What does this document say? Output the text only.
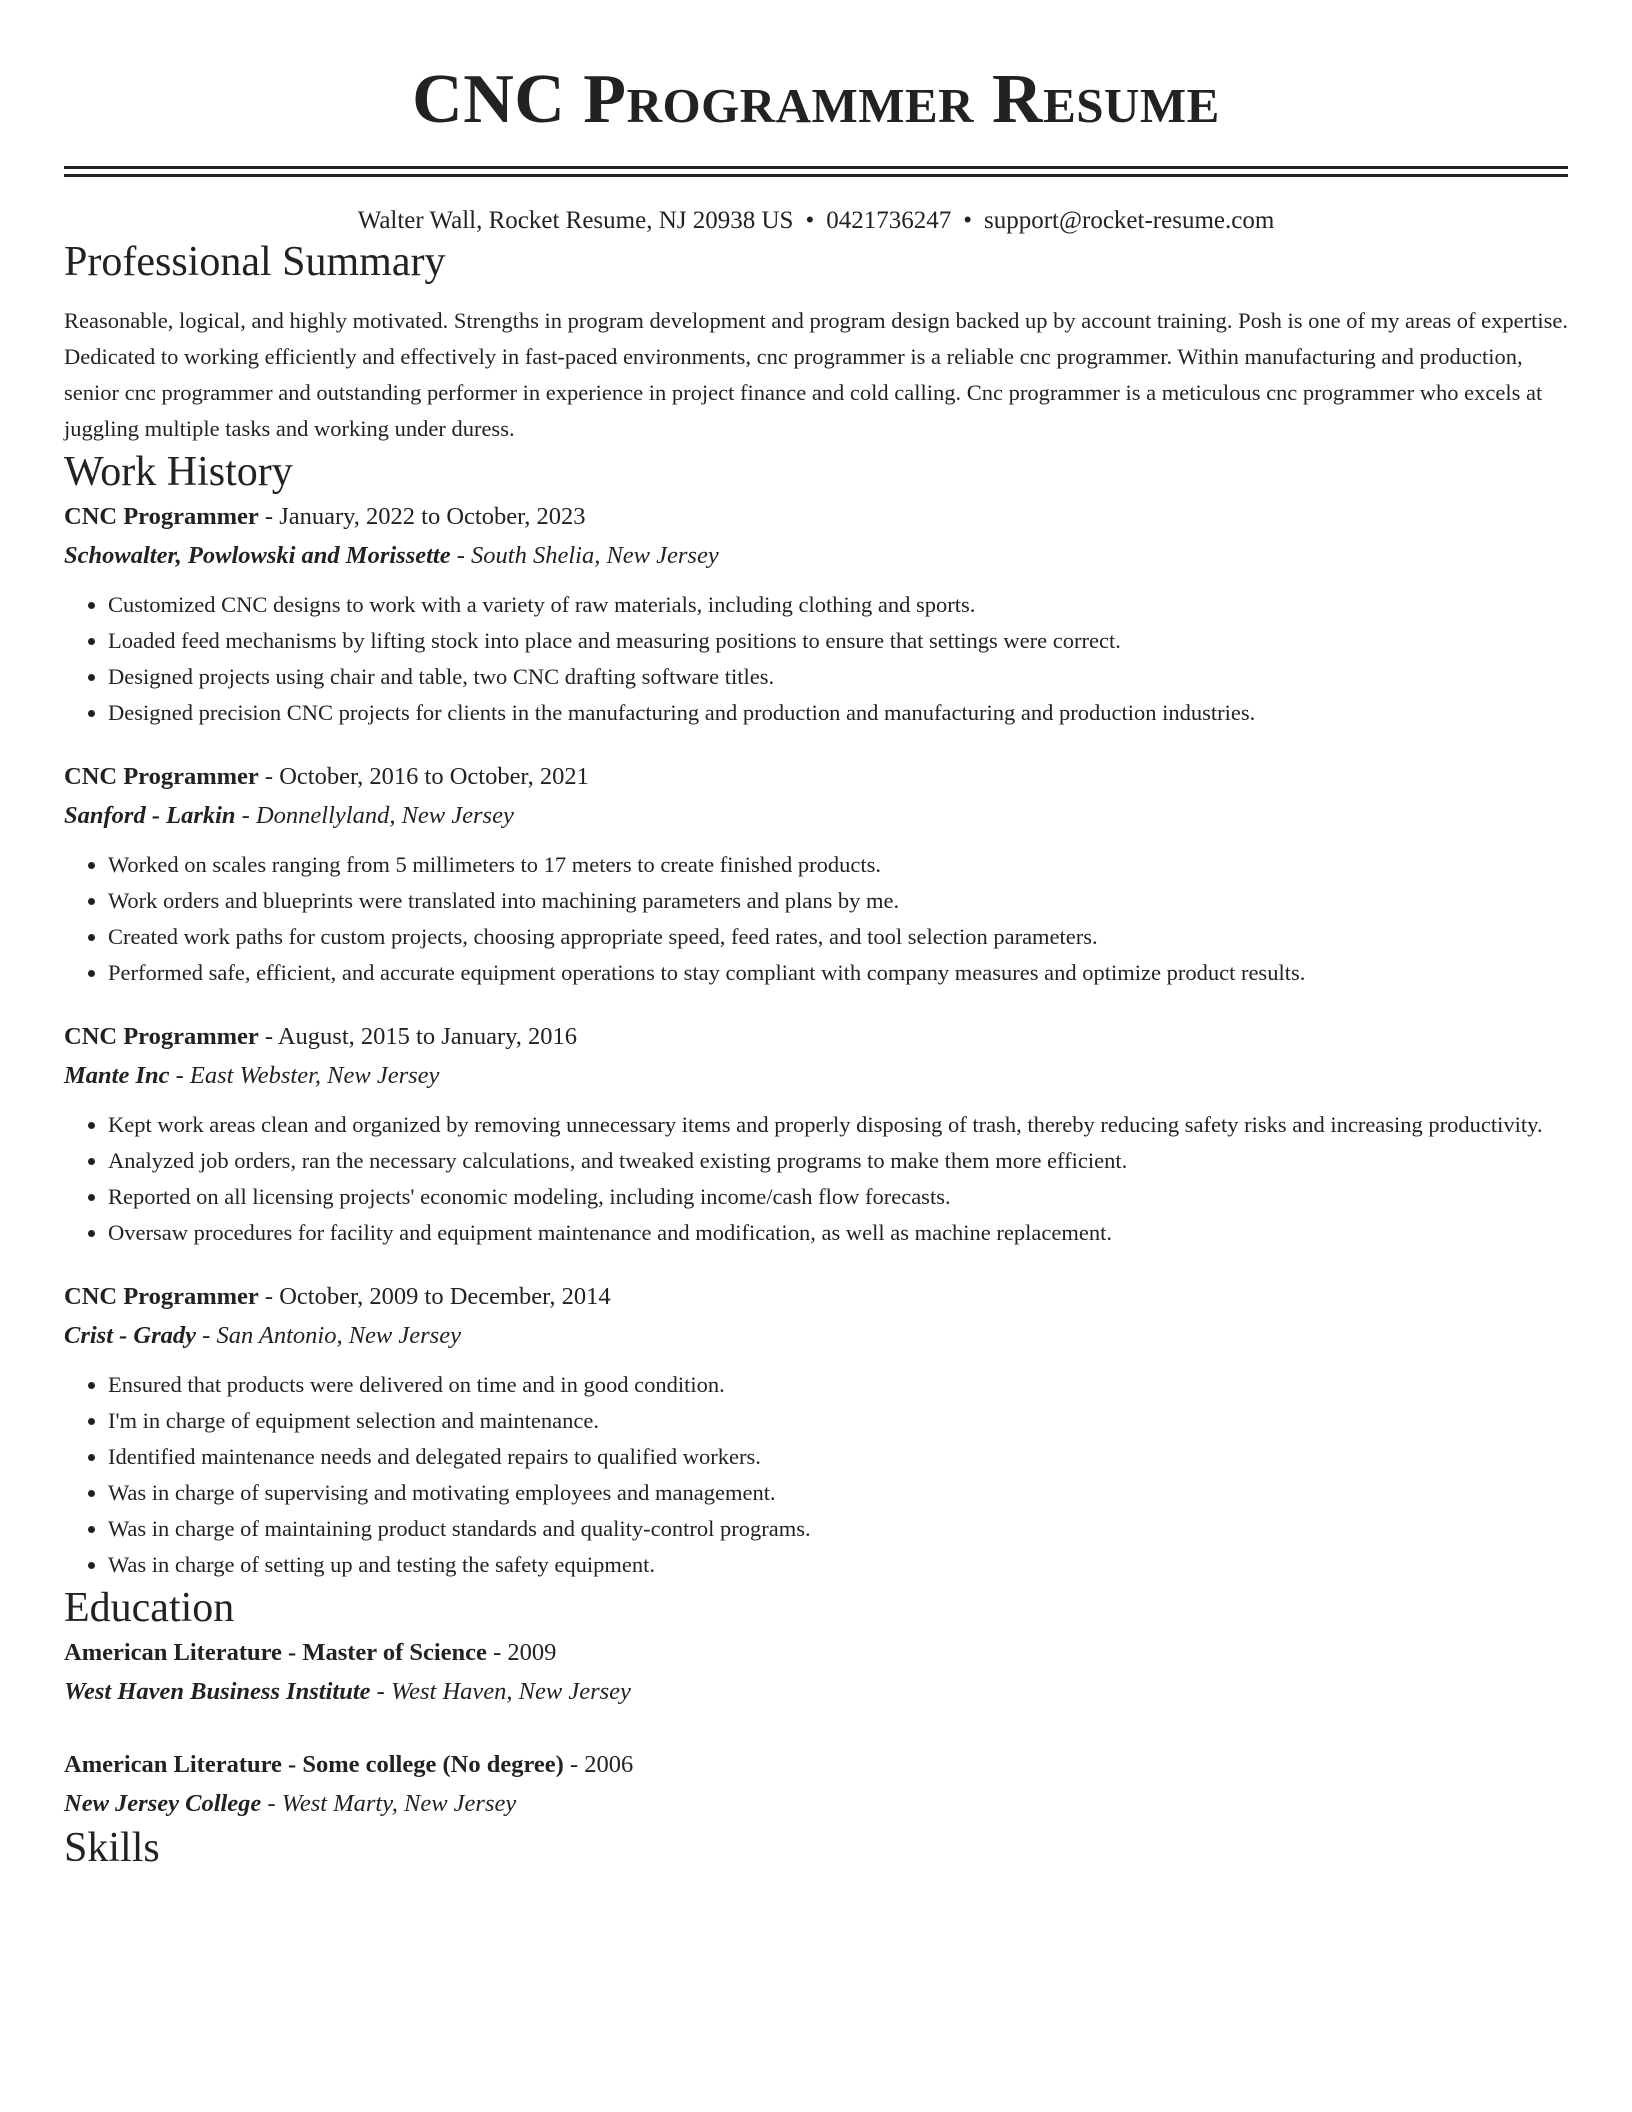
CNC Programmer Resume
Walter Wall, Rocket Resume, NJ 20938 US • 0421736247 • support@rocket-resume.com
Professional Summary

Reasonable, logical, and highly motivated. Strengths in program development and program design backed up by account training. Posh is one of my areas of expertise. Dedicated to working efficiently and effectively in fast-paced environments, cnc programmer is a reliable cnc programmer. Within manufacturing and production, senior cnc programmer and outstanding performer in experience in project finance and cold calling. Cnc programmer is a meticulous cnc programmer who excels at juggling multiple tasks and working under duress.

Work History
CNC Programmer - January, 2022 to October, 2023
Schowalter, Powlowski and Morissette - South Shelia, New Jersey
• Customized CNC designs to work with a variety of raw materials, including clothing and sports.
• Loaded feed mechanisms by lifting stock into place and measuring positions to ensure that settings were correct.
• Designed projects using chair and table, two CNC drafting software titles.
• Designed precision CNC projects for clients in the manufacturing and production and manufacturing and production industries.
CNC Programmer - October, 2016 to October, 2021
Sanford - Larkin - Donnellyland, New Jersey
• Worked on scales ranging from 5 millimeters to 17 meters to create finished products.
• Work orders and blueprints were translated into machining parameters and plans by me.
• Created work paths for custom projects, choosing appropriate speed, feed rates, and tool selection parameters.
• Performed safe, efficient, and accurate equipment operations to stay compliant with company measures and optimize product results.
CNC Programmer - August, 2015 to January, 2016
Mante Inc - East Webster, New Jersey
• Kept work areas clean and organized by removing unnecessary items and properly disposing of trash, thereby reducing safety risks and increasing productivity.
• Analyzed job orders, ran the necessary calculations, and tweaked existing programs to make them more efficient.
• Reported on all licensing projects' economic modeling, including income/cash flow forecasts.
• Oversaw procedures for facility and equipment maintenance and modification, as well as machine replacement.
CNC Programmer - October, 2009 to December, 2014
Crist - Grady - San Antonio, New Jersey
• Ensured that products were delivered on time and in good condition.
• I'm in charge of equipment selection and maintenance.
• Identified maintenance needs and delegated repairs to qualified workers.
• Was in charge of supervising and motivating employees and management.
• Was in charge of maintaining product standards and quality-control programs.
• Was in charge of setting up and testing the safety equipment.
Education
American Literature - Master of Science - 2009
West Haven Business Institute - West Haven, New Jersey
American Literature - Some college (No degree) - 2006
New Jersey College - West Marty, New Jersey
Skills
